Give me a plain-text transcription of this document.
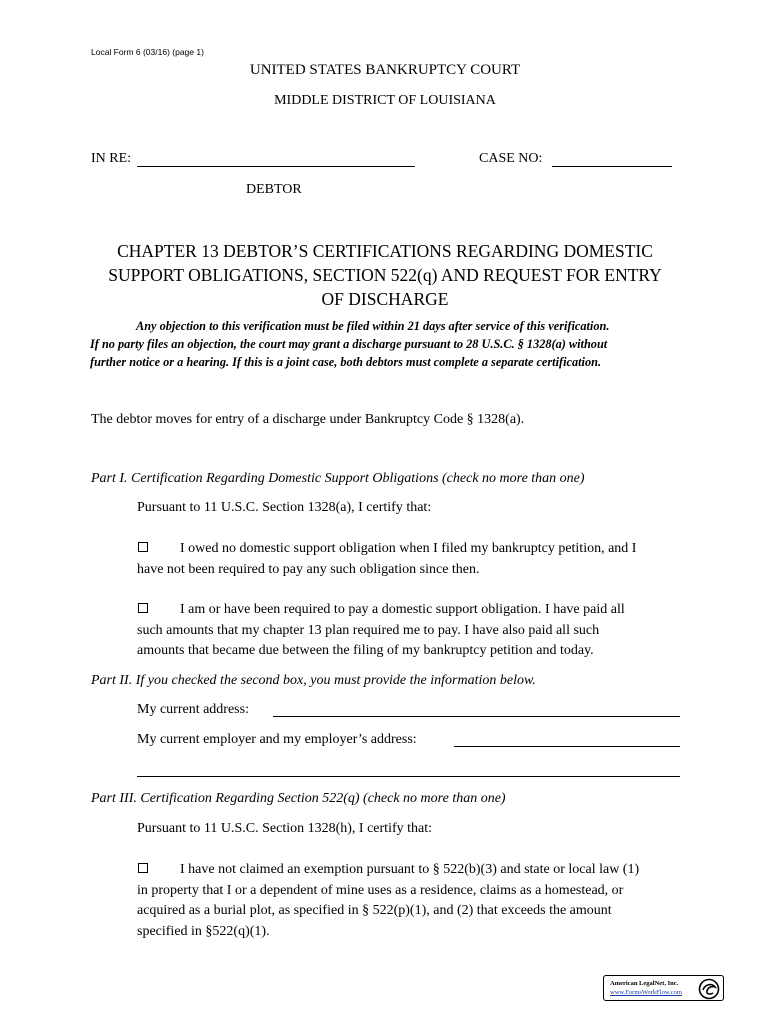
Local Form 6 (03/16) (page 1)
UNITED STATES BANKRUPTCY COURT
MIDDLE DISTRICT OF LOUISIANA
IN RE:	CASE NO:
DEBTOR
CHAPTER 13 DEBTOR’S CERTIFICATIONS REGARDING DOMESTIC
SUPPORT OBLIGATIONS, SECTION 522(q) AND REQUEST FOR ENTRY
OF DISCHARGE
Any objection to this verification must be filed within 21 days after service of this verification.
If no party files an objection, the court may grant a discharge pursuant to 28 U.S.C. § 1328(a) without
further notice or a hearing. If this is a joint case, both debtors must complete a separate certification.
The debtor moves for entry of a discharge under Bankruptcy Code § 1328(a).
Part I. Certification Regarding Domestic Support Obligations (check no more than one)
Pursuant to 11 U.S.C. Section 1328(a), I certify that:
I owed no domestic support obligation when I filed my bankruptcy petition, and I
have not been required to pay any such obligation since then.
I am or have been required to pay a domestic support obligation. I have paid all
such amounts that my chapter 13 plan required me to pay. I have also paid all such
amounts that became due between the filing of my bankruptcy petition and today.
Part II. If you checked the second box, you must provide the information below.
My current address:
My current employer and my employer’s address:
Part III. Certification Regarding Section 522(q) (check no more than one)
Pursuant to 11 U.S.C. Section 1328(h), I certify that:
I have not claimed an exemption pursuant to § 522(b)(3) and state or local law (1)
in property that I or a dependent of mine uses as a residence, claims as a homestead, or
acquired as a burial plot, as specified in § 522(p)(1), and (2) that exceeds the amount
specified in §522(q)(1).
American LegalNet, Inc.
www.FormsWorkFlow.com
